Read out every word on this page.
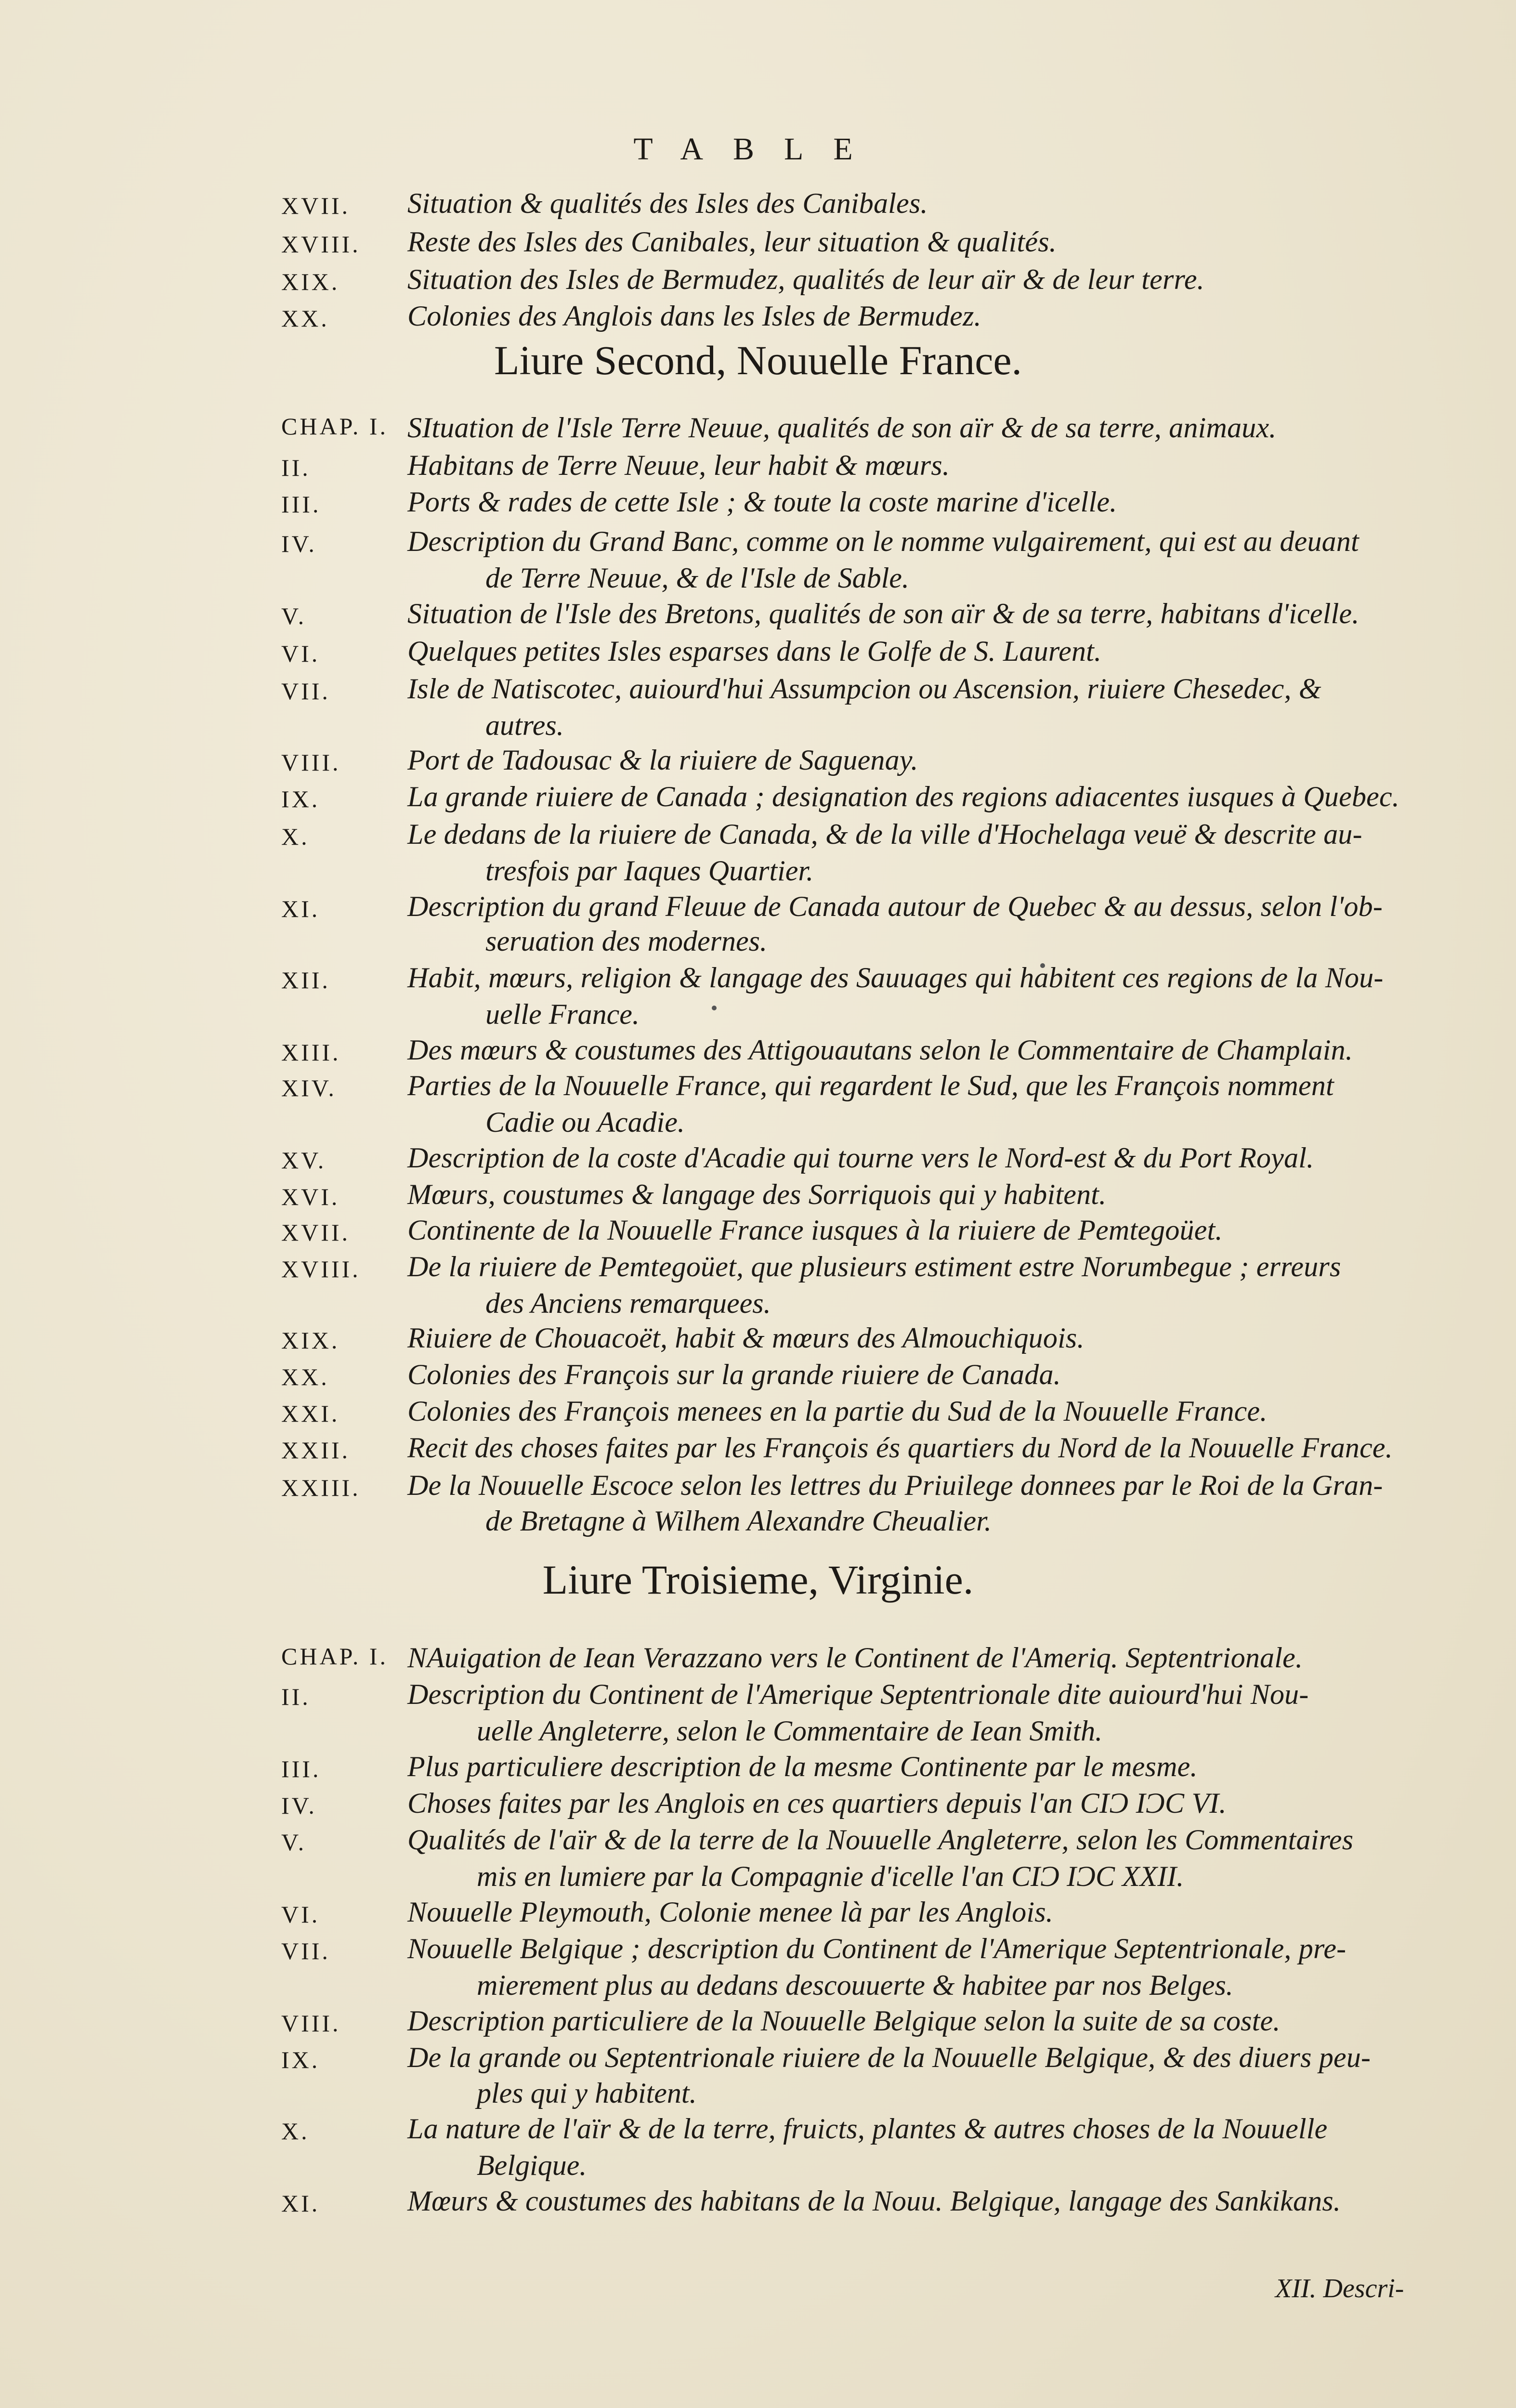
TABLE
Liure Second, Nouuelle France.
Liure Troisieme, Virginie.
XII. Descri-
XVII. Situation & qualités des Isles des Canibales.
XVIII. Reste des Isles des Canibales, leur situation & qualités.
XIX. Situation des Isles de Bermudez, qualités de leur aïr & de leur terre.
XX.	Colonies des Anglois dans les Isles de Bermudez.
CHAP. I. SItuation de l'Isle Terre Neuue, qualités de son aïr & de sa terre, animaux.
II.	Habitans de Terre Neuue, leur habit & mœurs.
III.	Ports & rades de cette Isle ; & toute la coste marine d'icelle.
IV.	Description du Grand Banc, comme on le nomme vulgairement, qui est au deuant
de Terre Neuue, & de l'Isle de Sable.
V.	Situation de l'Isle des Bretons, qualités de son aïr & de sa terre, habitans d'icelle.
VI.	Quelques petites Isles esparses dans le Golfe de S. Laurent.
VII.	Isle de Natiscotec, auiourd'hui Assumpcion ou Ascension, riuiere Chesedec, &
autres.
VIII. Port de Tadousac & la riuiere de Saguenay.
IX.	La grande riuiere de Canada ; designation des regions adiacentes iusques à Quebec.
X.	Le dedans de la riuiere de Canada, & de la ville d'Hochelaga veuë & descrite au-
tresfois par Iaques Quartier.
XI.	Description du grand Fleuue de Canada autour de Quebec & au dessus, selon l'ob-
seruation des modernes.
XII.	Habit, mœurs, religion & langage des Sauuages qui habitent ces regions de la Nou-
uelle France.
XIII. Des mœurs & coustumes des Attigouautans selon le Commentaire de Champlain.
XIV. Parties de la Nouuelle France, qui regardent le Sud, que les François nomment
Cadie ou Acadie.
XV.	Description de la coste d'Acadie qui tourne vers le Nord-est & du Port Royal.
XVI. Mœurs, coustumes & langage des Sorriquois qui y habitent.
XVII. Continente de la Nouuelle France iusques à la riuiere de Pemtegoüet.
XVIII. De la riuiere de Pemtegoüet, que plusieurs estiment estre Norumbegue ; erreurs
des Anciens remarquees.
XIX. Riuiere de Chouacoët, habit & mœurs des Almouchiquois.
XX.	Colonies des François sur la grande riuiere de Canada.
XXI. Colonies des François menees en la partie du Sud de la Nouuelle France.
XXII. Recit des choses faites par les François és quartiers du Nord de la Nouuelle France.
XXIII. De la Nouuelle Escoce selon les lettres du Priuilege donnees par le Roi de la Gran-
de Bretagne à Wilhem Alexandre Cheualier.
CHAP. I. NAuigation de Iean Verazzano vers le Continent de l'Ameriq. Septentrionale.
II.	Description du Continent de l'Amerique Septentrionale dite auiourd'hui Nou-
uelle Angleterre, selon le Commentaire de Iean Smith.
III.	Plus particuliere description de la mesme Continente par le mesme.
IV.	Choses faites par les Anglois en ces quartiers depuis l'an CIƆ IƆC VI.
V.	Qualités de l'aïr & de la terre de la Nouuelle Angleterre, selon les Commentaires
mis en lumiere par la Compagnie d'icelle l'an CIƆ IƆC XXII.
VI.	Nouuelle Pleymouth, Colonie menee là par les Anglois.
VII.	Nouuelle Belgique ; description du Continent de l'Amerique Septentrionale, pre-
mierement plus au dedans descouuerte & habitee par nos Belges.
VIII. Description particuliere de la Nouuelle Belgique selon la suite de sa coste.
IX.	De la grande ou Septentrionale riuiere de la Nouuelle Belgique, & des diuers peu-
ples qui y habitent.
X.	La nature de l'aïr & de la terre, fruicts, plantes & autres choses de la Nouuelle
Belgique.
XI.	Mœurs & coustumes des habitans de la Nouu. Belgique, langage des Sankikans.
